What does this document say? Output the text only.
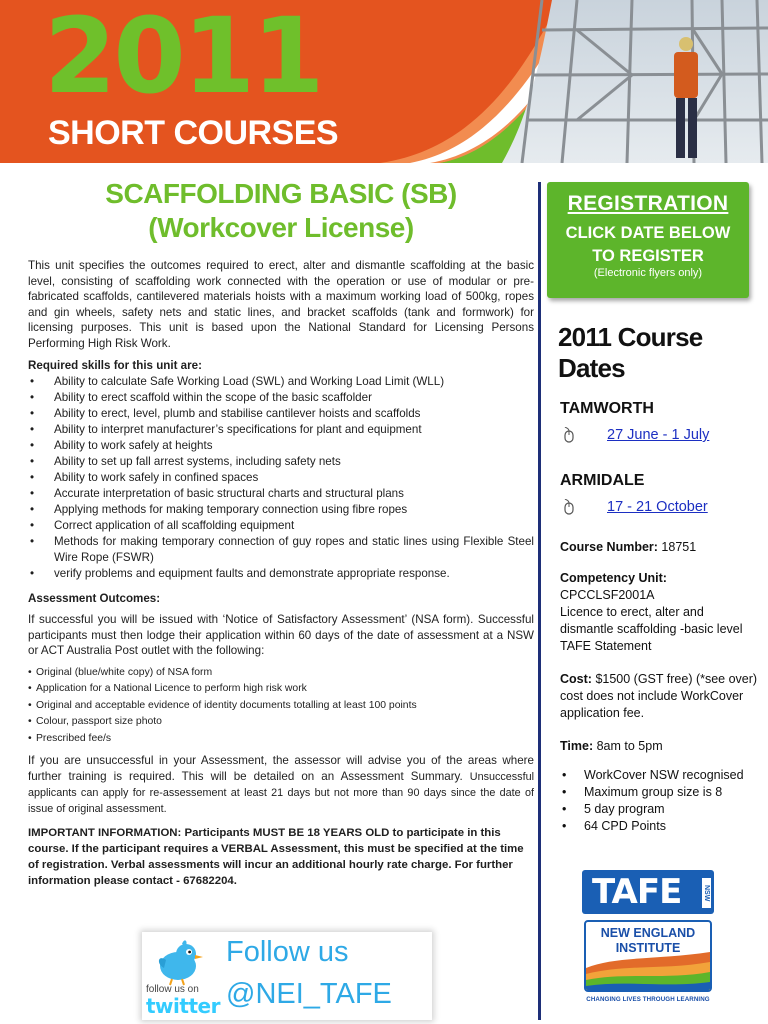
2011
SHORT COURSES
SCAFFOLDING BASIC (SB)
(Workcover License)

This unit specifies the outcomes required to erect, alter and dismantle scaffolding at the basic level, consisting of scaffolding work connected with the operation or use of modular or pre-fabricated scaffolds, cantilevered materials hoists with a maximum working load of 500kg, ropes and gin wheels, safety nets and static lines, and bracket scaffolds (tank and formwork) for licensing purposes. This unit is based upon the National Standard for Licensing Persons Performing High Risk Work.

Required skills for this unit are:
• Ability to calculate Safe Working Load (SWL) and Working Load Limit (WLL)
• Ability to erect scaffold within the scope of the basic scaffolder
• Ability to erect, level, plumb and stabilise cantilever hoists and scaffolds
• Ability to interpret manufacturer’s specifications for plant and equipment
• Ability to work safely at heights
• Ability to set up fall arrest systems, including safety nets
• Ability to work safely in confined spaces
• Accurate interpretation of basic structural charts and structural plans
• Applying methods for making temporary connection using fibre ropes
• Correct application of all scaffolding equipment
• Methods for making temporary connection of guy ropes and static lines using Flexible Steel Wire Rope (FSWR)
• verify problems and equipment faults and demonstrate appropriate response.
Assessment Outcomes:

If successful you will be issued with ‘Notice of Satisfactory Assessment’ (NSA form). Successful participants must then lodge their application within 60 days of the date of assessment at a NSW or ACT Australia Post outlet with the following:

• Original (blue/white copy) of NSA form
• Application for a National Licence to perform high risk work
• Original and acceptable evidence of identity documents totalling at least 100 points
• Colour, passport size photo
• Prescribed fee/s

If you are unsuccessful in your Assessment, the assessor will advise you of the areas where further training is required. This will be detailed on an Assessment Summary. Unsuccessful applicants can apply for re-assessement at least 21 days but not more than 90 days since the date of issue of original assessment.

IMPORTANT INFORMATION: Participants MUST BE 18 YEARS OLD to participate in this course. If the participant requires a VERBAL Assessment, this must be specified at the time of registration. Verbal assessments will incur an additional hourly rate charge. For further information please contact - 67682204.

follow us on
twitter
Follow us
@NEI_TAFE
REGISTRATION
CLICK DATE BELOW
TO REGISTER
(Electronic flyers only)
2011 Course Dates
TAMWORTH
27 June - 1 July
ARMIDALE
17 - 21 October
Course Number: 18751
Competency Unit:
CPCCLSF2001A
Licence to erect, alter and dismantle scaffolding -basic level
TAFE Statement
Cost: $1500 (GST free) (*see over) cost does not include WorkCover application fee.
Time: 8am to 5pm
• WorkCover NSW recognised
• Maximum group size is 8
• 5 day program
• 64 CPD Points
TAFE	NSW
NEW ENGLAND INSTITUTE
CHANGING LIVES THROUGH LEARNING
